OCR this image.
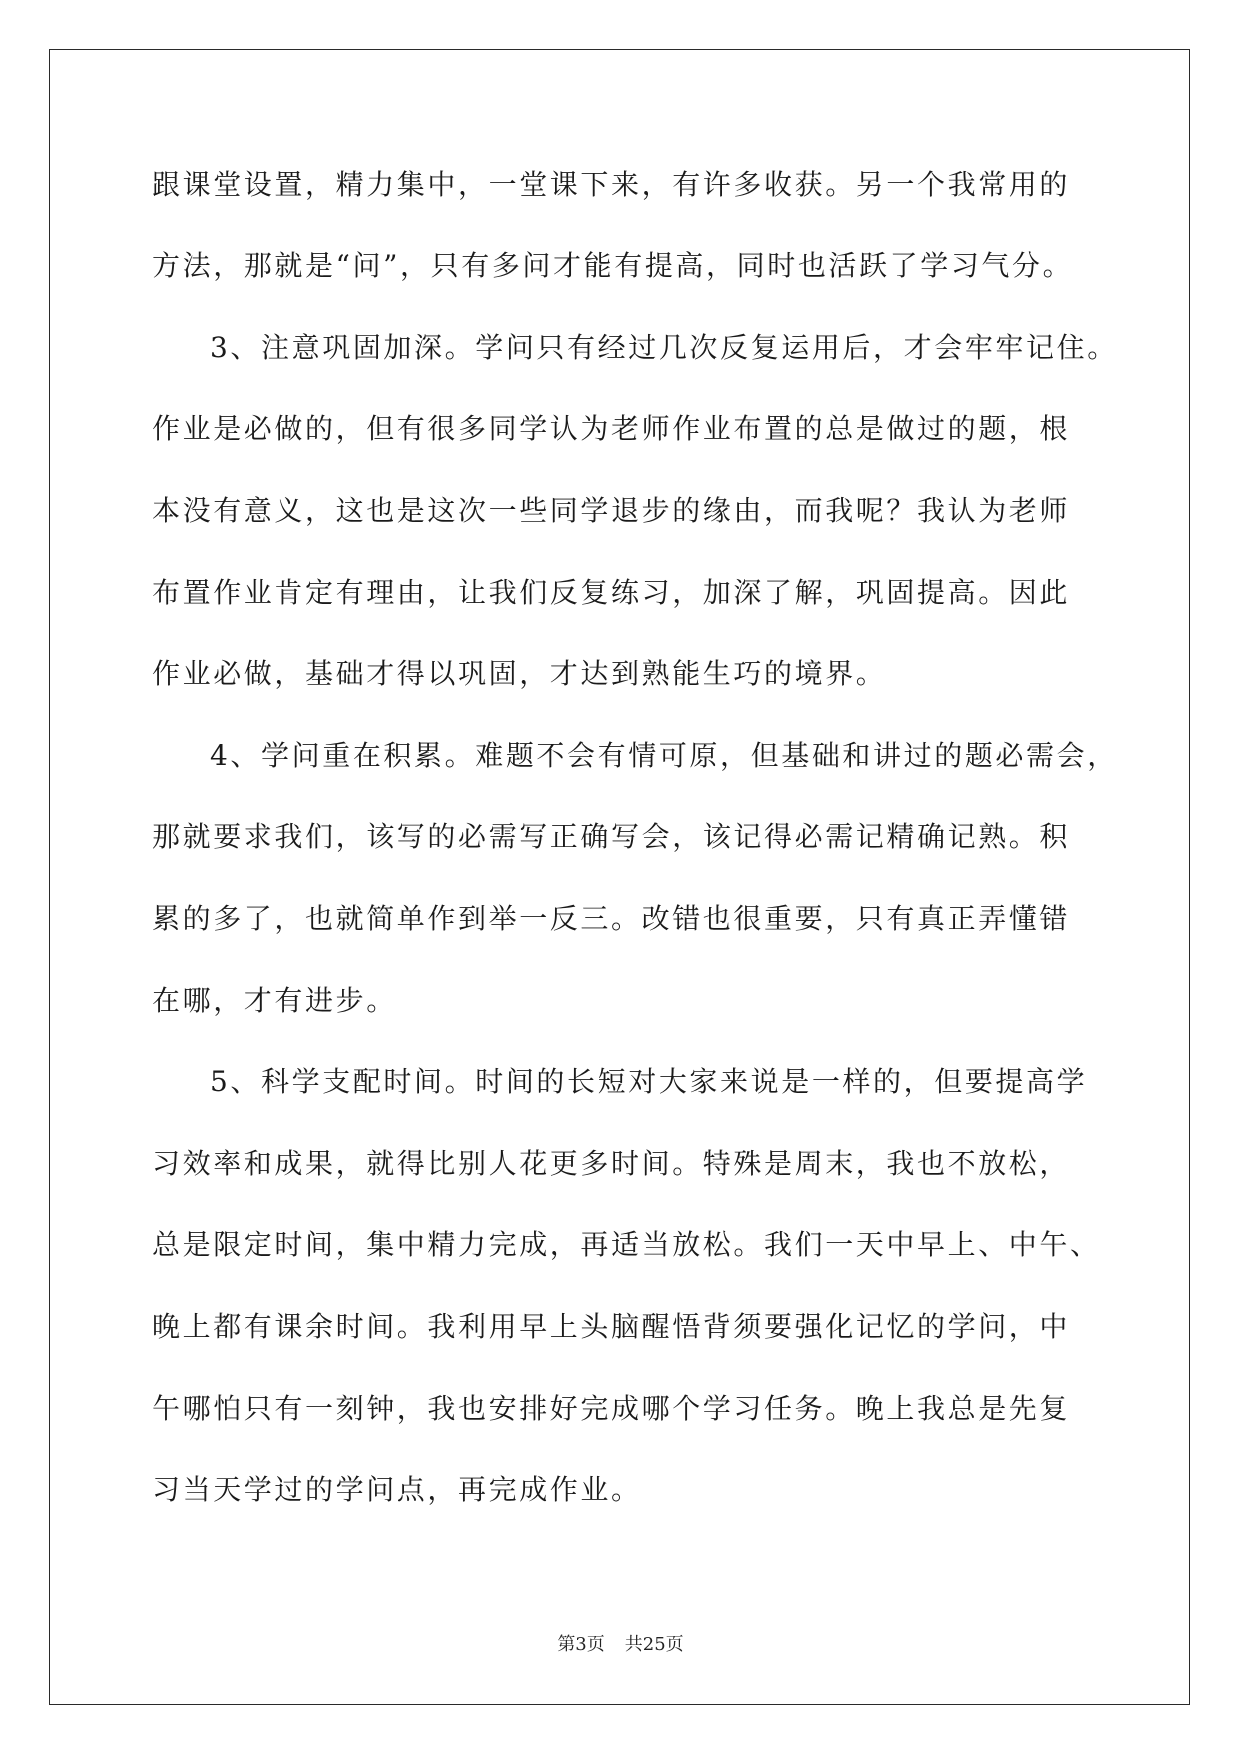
跟课堂设置，精力集中，一堂课下来，有许多收获。另一个我常用的
方法，那就是“问”，只有多问才能有提高，同时也活跃了学习气分。
3、注意巩固加深。学问只有经过几次反复运用后，才会牢牢记住。
作业是必做的，但有很多同学认为老师作业布置的总是做过的题，根
本没有意义，这也是这次一些同学退步的缘由，而我呢？我认为老师
布置作业肯定有理由，让我们反复练习，加深了解，巩固提高。因此
作业必做，基础才得以巩固，才达到熟能生巧的境界。
4、学问重在积累。难题不会有情可原，但基础和讲过的题必需会，
那就要求我们，该写的必需写正确写会，该记得必需记精确记熟。积
累的多了，也就简单作到举一反三。改错也很重要，只有真正弄懂错
在哪，才有进步。
5、科学支配时间。时间的长短对大家来说是一样的，但要提高学
习效率和成果，就得比别人花更多时间。特殊是周末，我也不放松，
总是限定时间，集中精力完成，再适当放松。我们一天中早上、中午、
晚上都有课余时间。我利用早上头脑醒悟背须要强化记忆的学问，中
午哪怕只有一刻钟，我也安排好完成哪个学习任务。晚上我总是先复
习当天学过的学问点，再完成作业。
第3页 共25页
